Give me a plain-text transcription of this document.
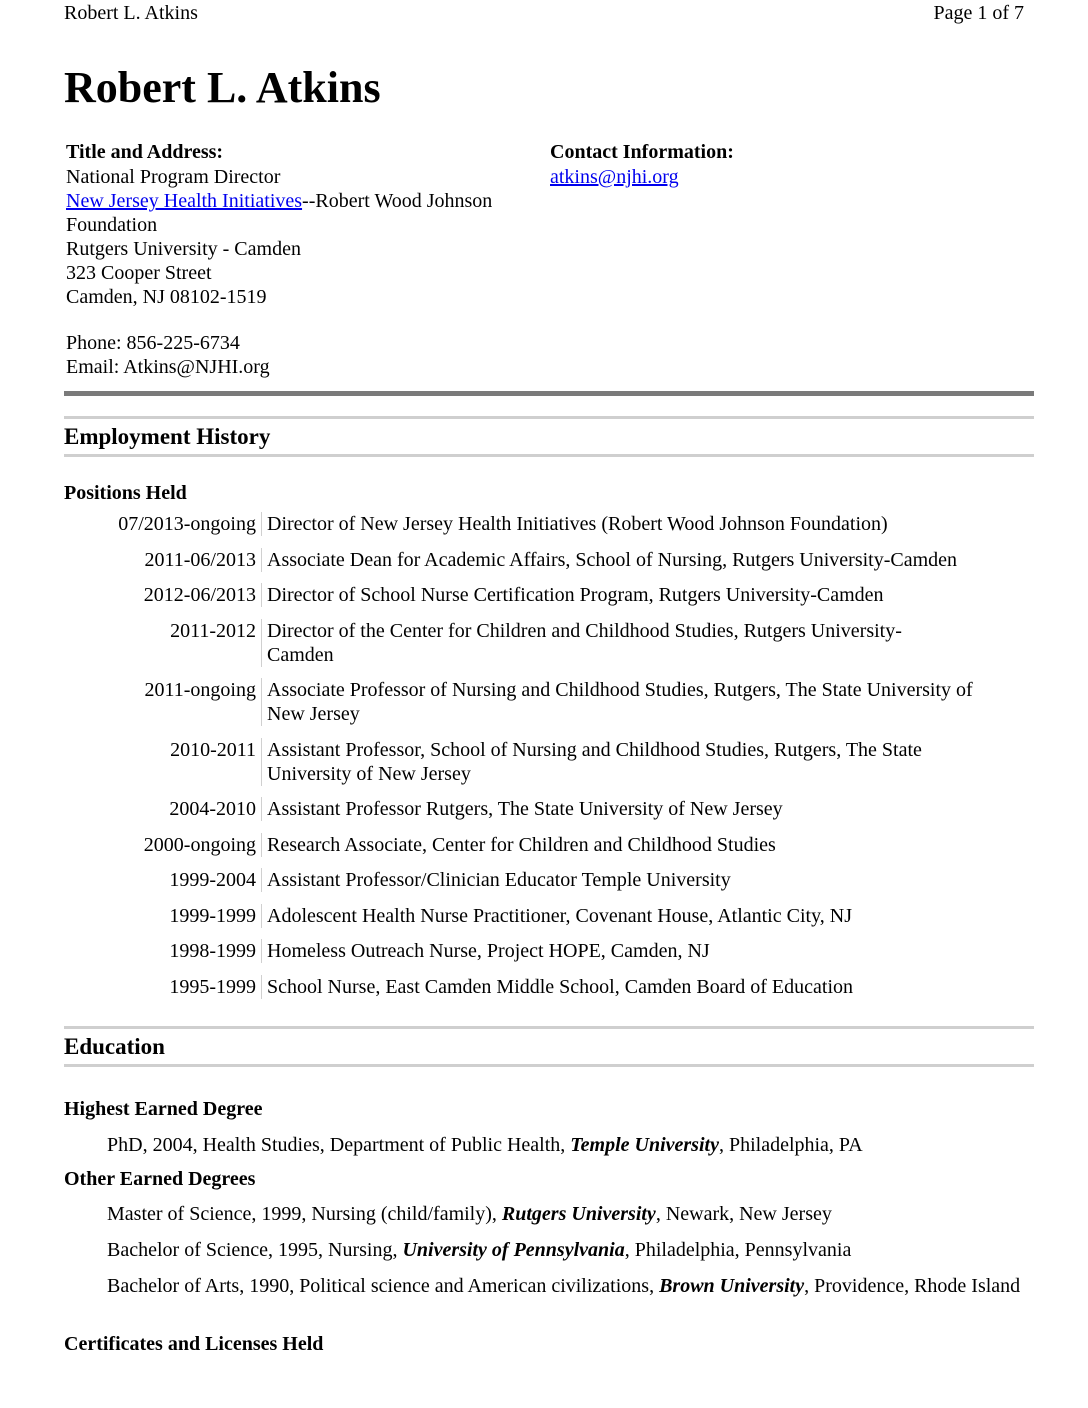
Robert L. Atkins	Page 1 of 7
Robert L. Atkins
Title and Address:
National Program Director
New Jersey Health Initiatives--Robert Wood Johnson
Foundation
Rutgers University - Camden
323 Cooper Street
Camden, NJ 08102-1519
Phone: 856-225-6734
Email: Atkins@NJHI.org
Contact Information:
atkins@njhi.org
Employment History
Positions Held
07/2013-ongoing Director of New Jersey Health Initiatives (Robert Wood Johnson Foundation)
2011-06/2013 Associate Dean for Academic Affairs, School of Nursing, Rutgers University-Camden
2012-06/2013 Director of School Nurse Certification Program, Rutgers University-Camden
2011-2012 Director of the Center for Children and Childhood Studies, Rutgers University-Camden
2011-ongoing Associate Professor of Nursing and Childhood Studies, Rutgers, The State University of New Jersey
2010-2011 Assistant Professor, School of Nursing and Childhood Studies, Rutgers, The State University of New Jersey
2004-2010 Assistant Professor Rutgers, The State University of New Jersey
2000-ongoing Research Associate, Center for Children and Childhood Studies
1999-2004 Assistant Professor/Clinician Educator Temple University
1999-1999 Adolescent Health Nurse Practitioner, Covenant House, Atlantic City, NJ
1998-1999 Homeless Outreach Nurse, Project HOPE, Camden, NJ
1995-1999 School Nurse, East Camden Middle School, Camden Board of Education
Education
Highest Earned Degree
PhD, 2004, Health Studies, Department of Public Health, Temple University, Philadelphia, PA
Other Earned Degrees
Master of Science, 1999, Nursing (child/family), Rutgers University, Newark, New Jersey
Bachelor of Science, 1995, Nursing, University of Pennsylvania, Philadelphia, Pennsylvania
Bachelor of Arts, 1990, Political science and American civilizations, Brown University, Providence, Rhode Island
Certificates and Licenses Held
